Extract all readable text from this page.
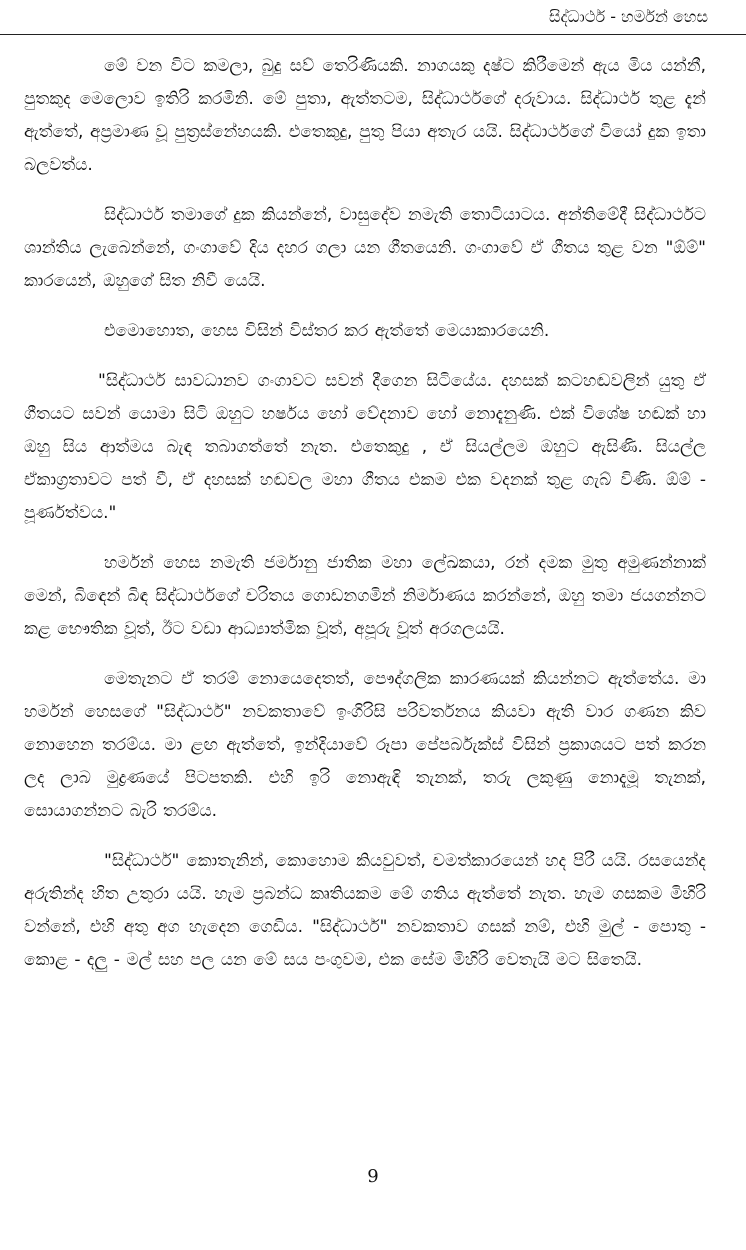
සිද්ධාර්ථ - හර්මන් හෙස

මේ වන විට කමලා, බුදු සව් තෙරිණියකි. නාගයකු දෂ්ට කිරීමෙන් ඇය මිය යන්නී, පුතකුද මෙලොව ඉතිරි කරමිනි. මේ පුතා, ඇත්තටම, සිද්ධාර්ථගේ දරුවාය. සිද්ධාර්ථ තුළ දැන් ඇත්තේ, අප්‍රමාණ වූ පුත්‍රස්නේහයකි. එතෙකුදු, පුතු පියා අතැර යයි. සිද්ධාර්ථගේ වියෝ දුක ඉතා බලවත්ය.

සිද්ධාර්ථ තමාගේ දුක කියන්නේ, වාසුදේව නමැති තොටියාටය. අන්තිමේදී සිද්ධාර්ථට ශාන්තිය ලැබෙන්නේ, ගංගාවේ දිය දහර ගලා යන ගීතයෙනි. ගංගාවේ ඒ ගීතය තුළ වන "ඕම්" කාරයෙන්, ඔහුගේ සිත නිවී යෙයි.

එමොහොත, හෙස විසින් විස්තර කර ඇත්තේ මෙයාකාරයෙනි.

"සිද්ධාර්ථ සාවධානව ගංගාවට සවන් දීගෙන සිටියේය. දහසක් කටහඬවලින් යුතු ඒ ගීතයට සවන් යොමා සිටි ඔහුට හර්ෂය හෝ වේදනාව හෝ නොදැනුණි. එක් විශේෂ හඬක් හා ඔහු සිය ආත්මය බැඳ තබාගත්තේ නැත. එතෙකුදු , ඒ සියල්ලම ඔහුට ඇසිණි. සියල්ල ඒකාග්‍රතාවට පත් වී, ඒ දහසක් හඬවල මහා ගීතය එකම එක වදනක් තුළ ගැබ් විණි. ඕම් - පූර්ණත්වය."

හර්මන් හෙස නමැති ජර්මානු ජාතික මහා ලේඛකයා, රන් දමක මුතු අමුණන්නාක් මෙන්, බිඳෙන් බිඳ සිද්ධාර්ථගේ චරිතය ගොඩනගමින් නිර්මාණය කරන්නේ, ඔහු තමා ජයගන්නට කළ භෞතික වූත්, ඊට වඩා ආධ්‍යාත්මික වූත්, අපූරු වූත් අරගලයයි.

මෙතැනට ඒ තරම් නොයෙදෙතත්, පෞද්ගලික කාරණයක් කියන්නට ඇත්තේය. මා හර්මන් හෙසගේ "සිද්ධාර්ථ" නවකතාවේ ඉංගිරිසි පරිවර්තනය කියවා ඇති වාර ගණන කිව නොහෙන තරම්ය. මා ළඟ ඇත්තේ, ඉන්දියාවේ රූපා පේපර්බැක්ස් විසින් ප්‍රකාශයට පත් කරන ලද ලාබ මුද්‍රණයේ පිටපතකි. එහි ඉරි නොඇඳි තැනක්, තරු ලකුණු නොදැමූ තැනක්, සොයාගන්නට බැරි තරම්ය.

"සිද්ධාර්ථ" කොතැනින්, කොහොම කියවුවත්, චමත්කාරයෙන් හද පිරී යයි. රසයෙන්ද අරුතින්ද හිත උතුරා යයි. හැම ප්‍රබන්ධ කෘතියකම මේ ගතිය ඇත්තේ නැත. හැම ගසකම මිහිරි වන්නේ, එහි අතු අග හැදෙන ගෙඩිය. "සිද්ධාර්ථ" නවකතාව ගසක් නම්, එහි මුල් - පොතු - කොළ - දලු - මල් සහ පල යන මේ සය පංගුවම, එක සේම මිහිරි වෙතැයි මට සිතෙයි.

9
